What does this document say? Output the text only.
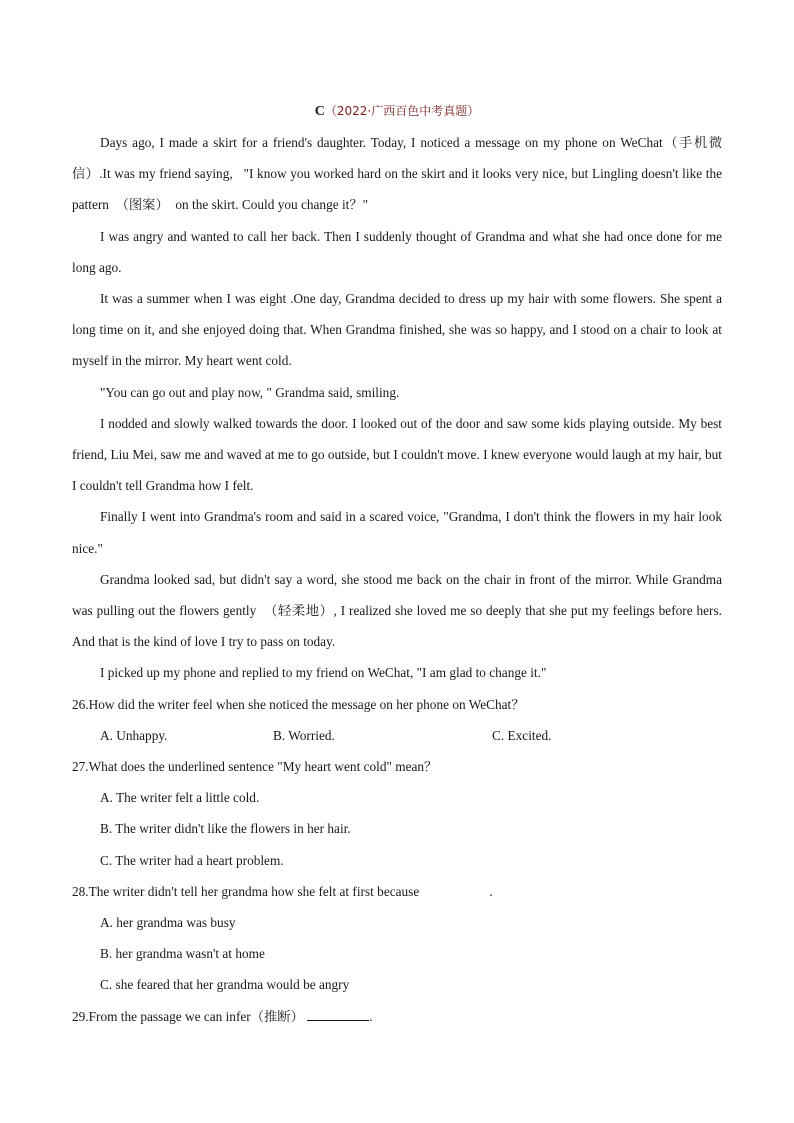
C（2022·广西百色中考真题）

Days ago, I made a skirt for a friend's daughter. Today, I noticed a message on my phone on WeChat（手机微信）.It was my friend saying,   "I know you worked hard on the skirt and it looks very nice, but Lingling doesn't like the pattern  （图案）  on the skirt. Could you change it？"

I was angry and wanted to call her back. Then I suddenly thought of Grandma and what she had once done for me long ago.

It was a summer when I was eight .One day, Grandma decided to dress up my hair with some flowers. She spent a long time on it, and she enjoyed doing that. When Grandma finished, she was so happy, and I stood on a chair to look at myself in the mirror. My heart went cold.

"You can go out and play now, " Grandma said, smiling.

I nodded and slowly walked towards the door. I looked out of the door and saw some kids playing outside. My best friend, Liu Mei, saw me and waved at me to go outside, but I couldn't move. I knew everyone would laugh at my hair, but I couldn't tell Grandma how I felt.

Finally I went into Grandma's room and said in a scared voice, "Grandma, I don't think the flowers in my hair look nice."

Grandma looked sad, but didn't say a word, she stood me back on the chair in front of the mirror. While Grandma was pulling out the flowers gently  （轻柔地）, I realized she loved me so deeply that she put my feelings before hers. And that is the kind of love I try to pass on today.

I picked up my phone and replied to my friend on WeChat, "I am glad to change it."

26.How did the writer feel when she noticed the message on her phone on WeChat？
A. Unhappy.	B. Worried.	C. Excited.
27.What does the underlined sentence "My heart went cold" mean？
A. The writer felt a little cold.
B. The writer didn't like the flowers in her hair.
C. The writer had a heart problem.
28.The writer didn't tell her grandma how she felt at first because	.
A. her grandma was busy
B. her grandma wasn't at home
C. she feared that her grandma would be angry
29.From the passage we can infer（推断）	.
